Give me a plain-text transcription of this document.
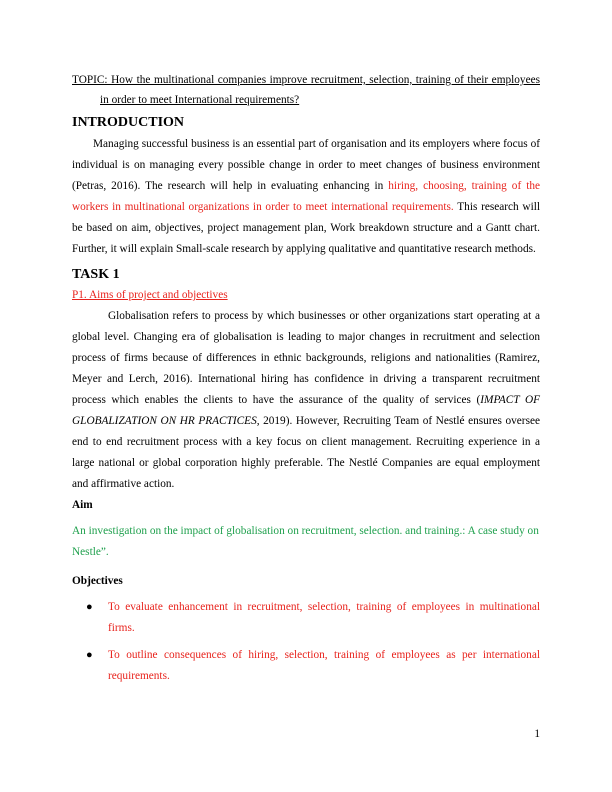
TOPIC: How the multinational companies improve recruitment, selection, training of their employees in order to meet International requirements?

INTRODUCTION

Managing successful business is an essential part of organisation and its employers where focus of individual is on managing every possible change in order to meet changes of business environment (Petras, 2016). The research will help in evaluating enhancing in hiring, choosing, training of the workers in multinational organizations in order to meet international requirements. This research will be based on aim, objectives, project management plan, Work breakdown structure and a Gantt chart. Further, it will explain Small-scale research by applying qualitative and quantitative research methods.

TASK 1

P1. Aims of project and objectives

Globalisation refers to process by which businesses or other organizations start operating at a global level. Changing era of globalisation is leading to major changes in recruitment and selection process of firms because of differences in ethnic backgrounds, religions and nationalities (Ramirez, Meyer and Lerch, 2016). International hiring has confidence in driving a transparent recruitment process which enables the clients to have the assurance of the quality of services (IMPACT OF GLOBALIZATION ON HR PRACTICES, 2019). However, Recruiting Team of Nestlé ensures oversee end to end recruitment process with a key focus on client management. Recruiting experience in a large national or global corporation highly preferable. The Nestlé Companies are equal employment and affirmative action.

Aim

An investigation on the impact of globalisation on recruitment, selection. and training.: A case study on Nestle”.

Objectives

● To evaluate enhancement in recruitment, selection, training of employees in multinational firms.
● To outline consequences of hiring, selection, training of employees as per international requirements.
1
